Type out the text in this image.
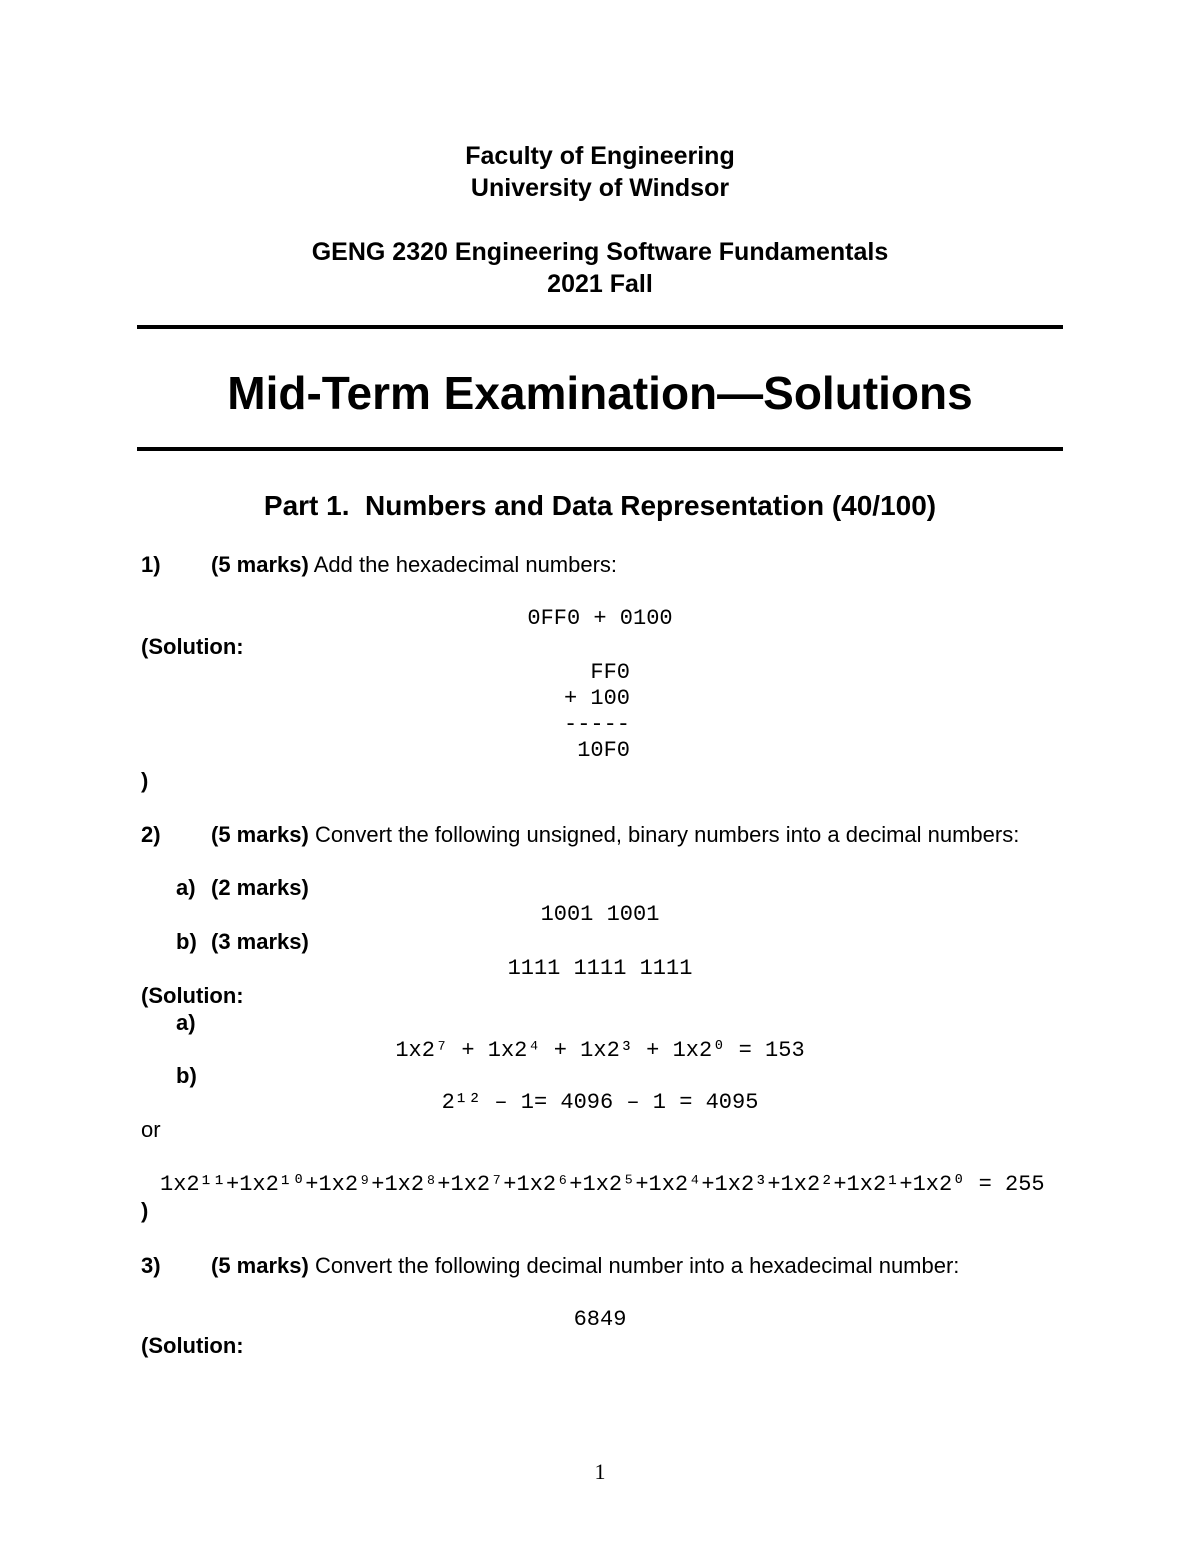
Faculty of Engineering
University of Windsor
GENG 2320 Engineering Software Fundamentals
2021 Fall
Mid-Term Examination—Solutions
Part 1.  Numbers and Data Representation (40/100)
1) (5 marks) Add the hexadecimal numbers:
0FF0 + 0100
(Solution:
FF0
+ 100
-----
10F0
)
2) (5 marks) Convert the following unsigned, binary numbers into a decimal numbers:
a) (2 marks)
1001 1001
b) (3 marks)
1111 1111 1111
(Solution:
a)
1x2⁷ + 1x2⁴ + 1x2³ + 1x2⁰ = 153
b)
2¹² – 1= 4096 – 1 = 4095
or
1x2¹¹+1x2¹⁰+1x2⁹+1x2⁸+1x2⁷+1x2⁶+1x2⁵+1x2⁴+1x2³+1x2²+1x2¹+1x2⁰ = 255
)
3) (5 marks) Convert the following decimal number into a hexadecimal number:
6849
(Solution:
1
